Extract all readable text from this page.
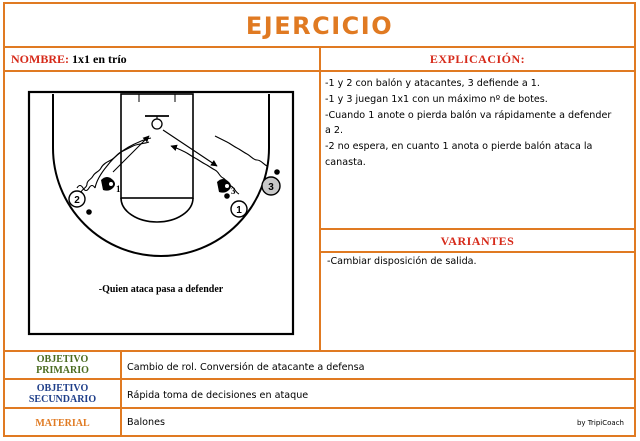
EJERCICIO
NOMBRE: 1x1 en trío	EXPLICACIÓN:
1	3
2
1
3
-Quien ataca pasa a defender
-1 y 2 con balón y atacantes, 3 defiende a 1.
-1 y 3 juegan 1x1 con un máximo nº de botes.
-Cuando 1 anote o pierda balón va rápidamente a defender
a 2.
-2 no espera, en cuanto 1 anota o pierde balón ataca la
canasta.
VARIANTES
-Cambiar disposición de salida.
OBJETIVO
PRIMARIO	Cambio de rol. Conversión de atacante a defensa
OBJETIVO
SECUNDARIO	Rápida toma de decisiones en ataque
MATERIAL	Balones	by TripiCoach
